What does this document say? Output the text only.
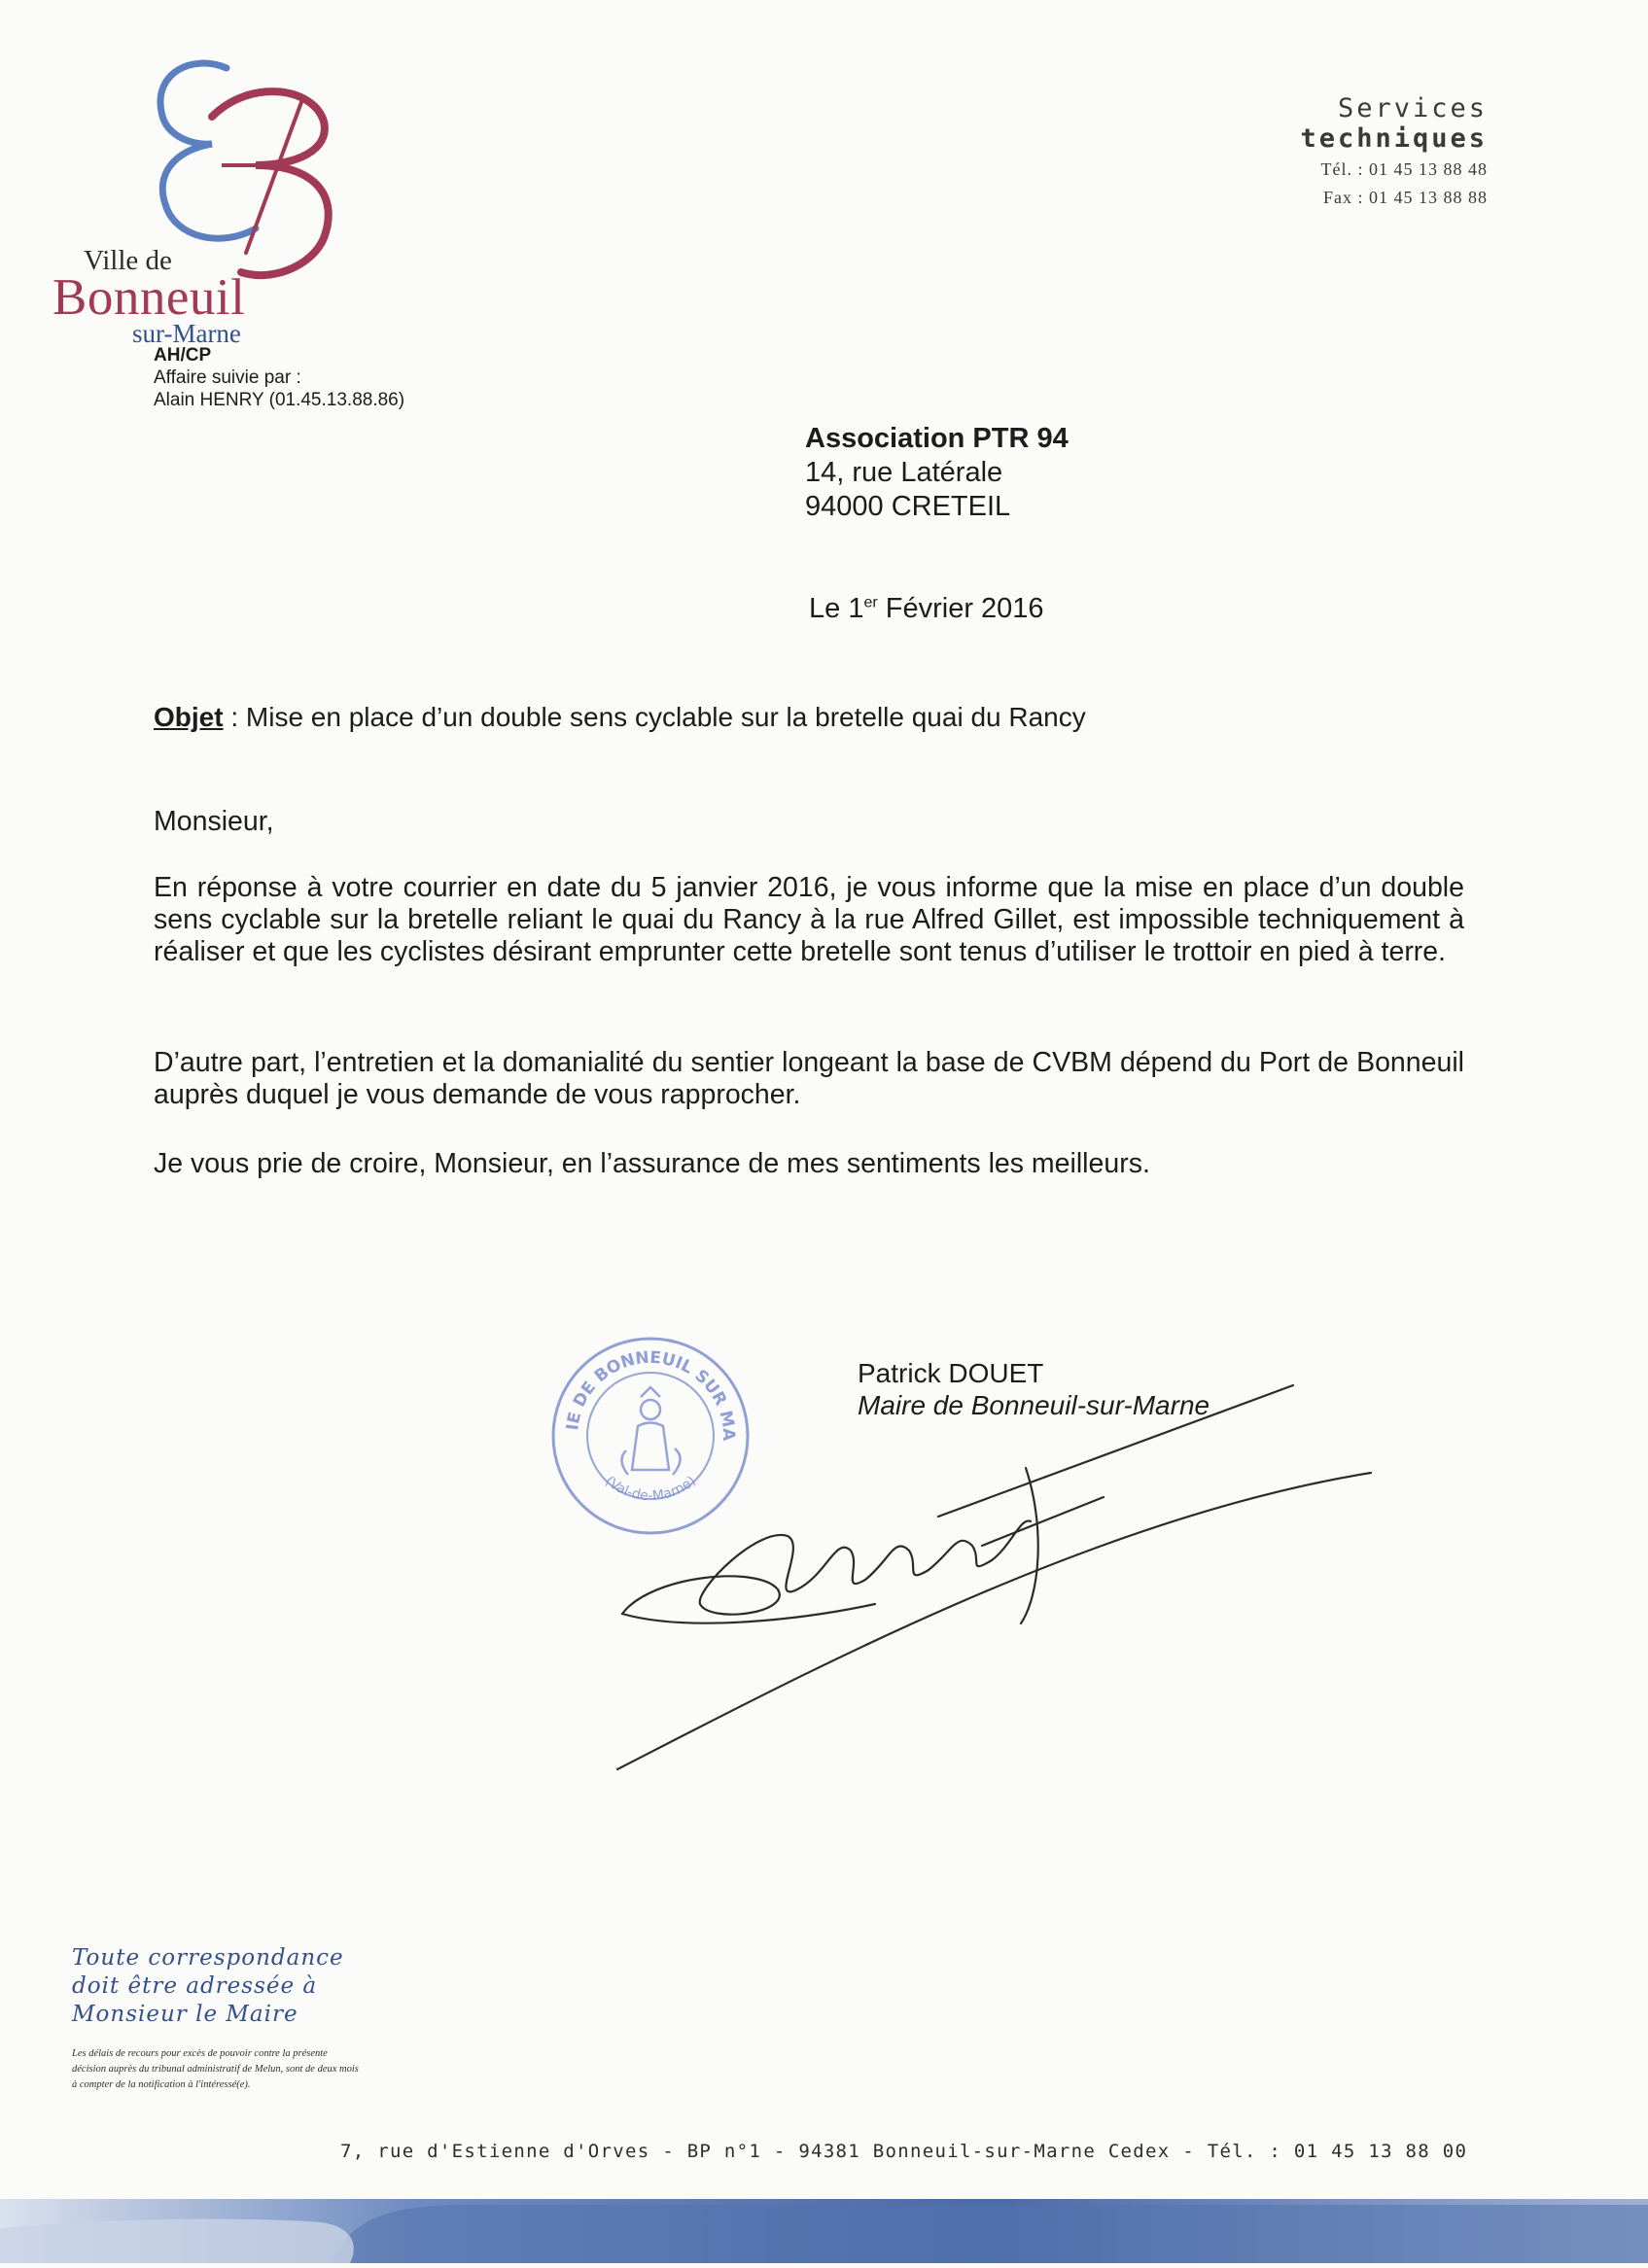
Ville de
Bonneuil
sur-Marne
Services
techniques
Tél. : 01 45 13 88 48
Fax : 01 45 13 88 88
AH/CP
Affaire suivie par :
Alain HENRY (01.45.13.88.86)
Association PTR 94
14, rue Latérale
94000 CRETEIL
Le 1er Février 2016
Objet : Mise en place d’un double sens cyclable sur la bretelle quai du Rancy
Monsieur,
En réponse à votre courrier en date du 5 janvier 2016, je vous informe que la mise en place d’un double sens cyclable sur la bretelle reliant le quai du Rancy à la rue Alfred Gillet, est impossible techniquement à réaliser et que les cyclistes désirant emprunter cette bretelle sont tenus d’utiliser le trottoir en pied à terre.
D’autre part, l’entretien et la domanialité du sentier longeant la base de CVBM dépend du Port de Bonneuil auprès duquel je vous demande de vous rapprocher.
Je vous prie de croire, Monsieur, en l’assurance de mes sentiments les meilleurs.
IE DE BONNEUIL SUR MA
(Val-de-Marne)
Patrick DOUET
Maire de Bonneuil-sur-Marne
Toute correspondance
doit être adressée à
Monsieur le Maire
Les délais de recours pour excès de pouvoir contre la présente décision auprès du tribunal administratif de Melun, sont de deux mois à compter de la notification à l'intéressé(e).
7, rue d'Estienne d'Orves - BP n°1 - 94381 Bonneuil-sur-Marne Cedex - Tél. : 01 45 13 88 00
